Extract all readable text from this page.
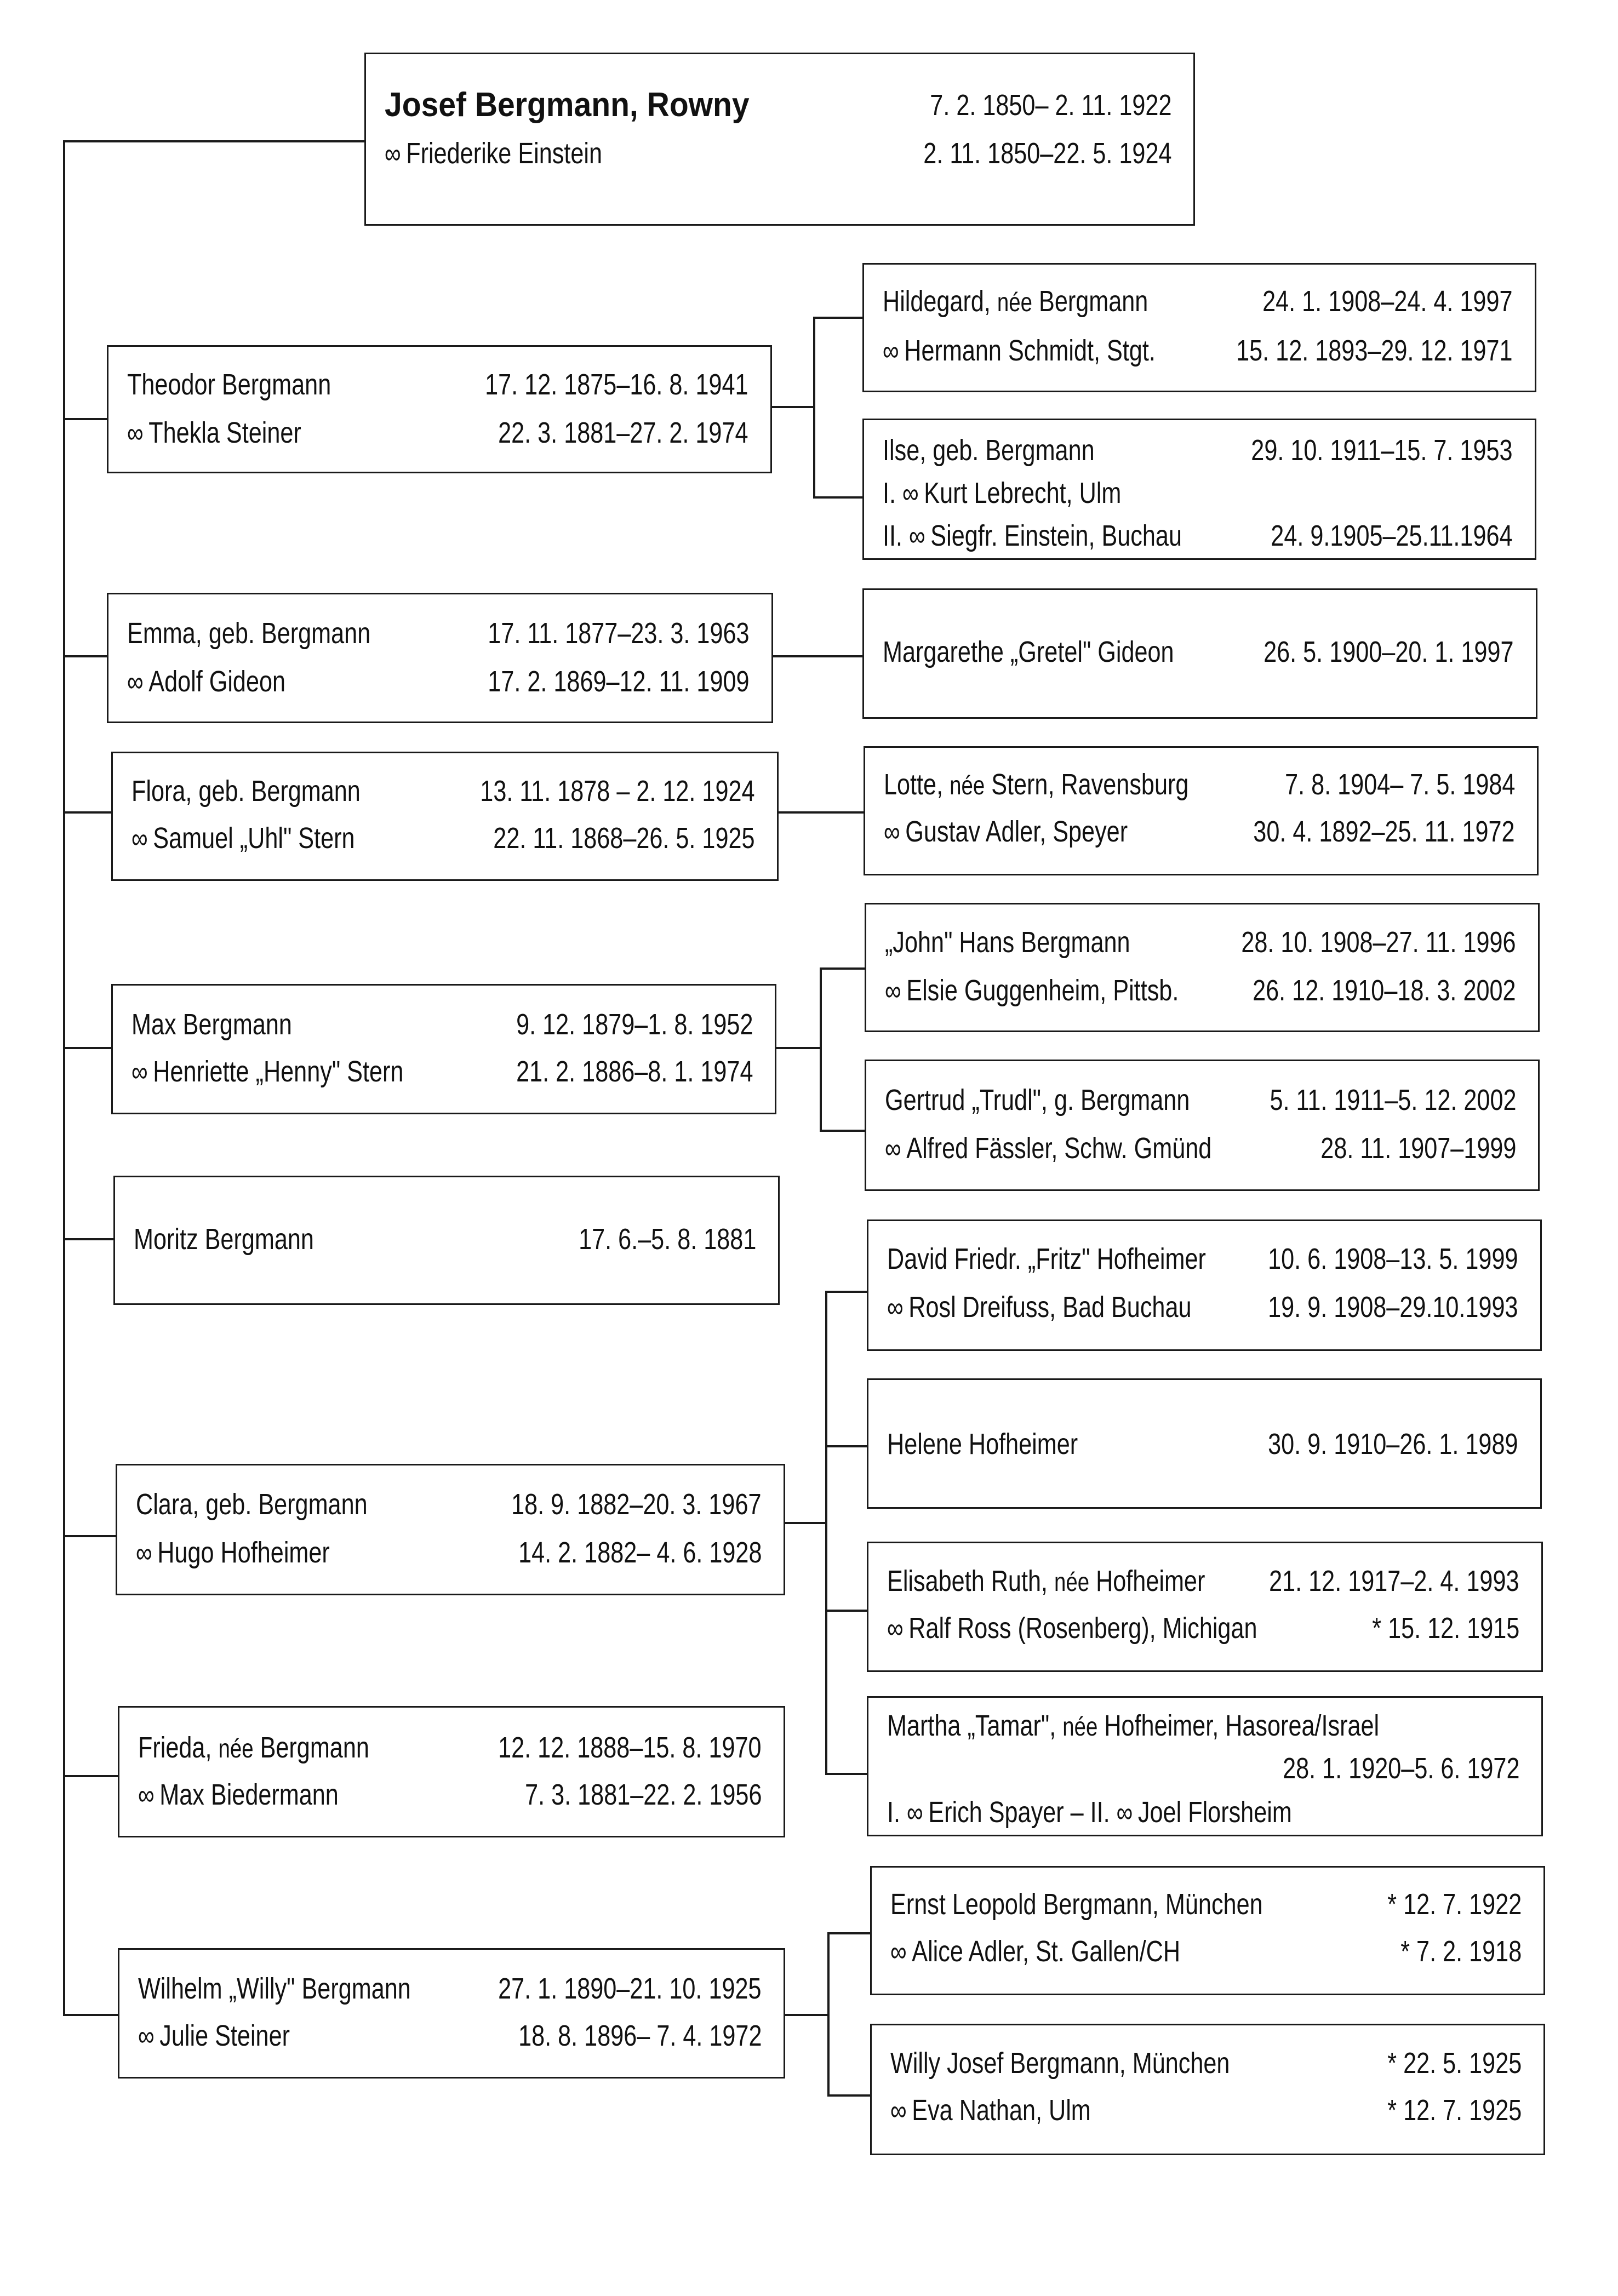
Josef Bergmann, Rowny	7. 2. 1850– 2. 11. 1922
∞ Friederike Einstein	2. 11. 1850–22. 5. 1924
Theodor Bergmann	17. 12. 1875–16. 8. 1941
∞ Thekla Steiner	22. 3. 1881–27. 2. 1974
Emma, geb. Bergmann	17. 11. 1877–23. 3. 1963
∞ Adolf Gideon	17. 2. 1869–12. 11. 1909
Flora, geb. Bergmann	13. 11. 1878 – 2. 12. 1924
∞ Samuel „Uhl" Stern	22. 11. 1868–26. 5. 1925
Max Bergmann	9. 12. 1879–1. 8. 1952
∞ Henriette „Henny" Stern	21. 2. 1886–8. 1. 1974
Moritz Bergmann	17. 6.–5. 8. 1881
Clara, geb. Bergmann	18. 9. 1882–20. 3. 1967
∞ Hugo Hofheimer	14. 2. 1882– 4. 6. 1928
Frieda, née Bergmann	12. 12. 1888–15. 8. 1970
∞ Max Biedermann	7. 3. 1881–22. 2. 1956
Wilhelm „Willy" Bergmann	27. 1. 1890–21. 10. 1925
∞ Julie Steiner	18. 8. 1896– 7. 4. 1972
Hildegard, née Bergmann	24. 1. 1908–24. 4. 1997
∞ Hermann Schmidt, Stgt.	15. 12. 1893–29. 12. 1971
Ilse, geb. Bergmann	29. 10. 1911–15. 7. 1953
I. ∞ Kurt Lebrecht, Ulm
II. ∞ Siegfr. Einstein, Buchau	24. 9.1905–25.11.1964
Margarethe „Gretel" Gideon	26. 5. 1900–20. 1. 1997
Lotte, née Stern, Ravensburg	7. 8. 1904– 7. 5. 1984
∞ Gustav Adler, Speyer	30. 4. 1892–25. 11. 1972
„John" Hans Bergmann	28. 10. 1908–27. 11. 1996
∞ Elsie Guggenheim, Pittsb.	26. 12. 1910–18. 3. 2002
Gertrud „Trudl", g. Bergmann	5. 11. 1911–5. 12. 2002
∞ Alfred Fässler, Schw. Gmünd	28. 11. 1907–1999
David Friedr. „Fritz" Hofheimer 10. 6. 1908–13. 5. 1999
∞ Rosl Dreifuss, Bad Buchau	19. 9. 1908–29.10.1993
Helene Hofheimer	30. 9. 1910–26. 1. 1989
Elisabeth Ruth, née Hofheimer 21. 12. 1917–2. 4. 1993
∞ Ralf Ross (Rosenberg), Michigan	* 15. 12. 1915
Martha „Tamar", née Hofheimer, Hasorea/Israel
28. 1. 1920–5. 6. 1972
I. ∞ Erich Spayer – II. ∞ Joel Florsheim
Ernst Leopold Bergmann, München	* 12. 7. 1922
∞ Alice Adler, St. Gallen/CH	* 7. 2. 1918
Willy Josef Bergmann, München	* 22. 5. 1925
∞ Eva Nathan, Ulm	* 12. 7. 1925
